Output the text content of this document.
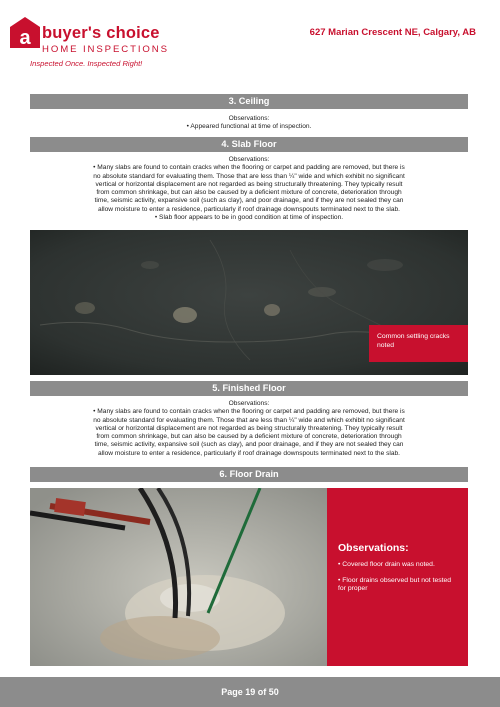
a buyer's choice
HOME INSPECTIONS
Inspected Once. Inspected Right!
627 Marian Crescent NE, Calgary, AB
3. Ceiling
Observations:
• Appeared functional at time of inspection.
4. Slab Floor
Observations:
• Many slabs are found to contain cracks when the flooring or carpet and padding are removed, but there is
no absolute standard for evaluating them. Those that are less than ¼" wide and which exhibit no significant
vertical or horizontal displacement are not regarded as being structurally threatening. They typically result
from common shrinkage, but can also be caused by a deficient mixture of concrete, deterioration through
time, seismic activity, expansive soil (such as clay), and poor drainage, and if they are not sealed they can
allow moisture to enter a residence, particularly if roof drainage downspouts terminated next to the slab.
• Slab floor appears to be in good condition at time of inspection.
Common settling cracks noted
5. Finished Floor
Observations:
• Many slabs are found to contain cracks when the flooring or carpet and padding are removed, but there is
no absolute standard for evaluating them. Those that are less than ¼" wide and which exhibit no significant
vertical or horizontal displacement are not regarded as being structurally threatening. They typically result
from common shrinkage, but can also be caused by a deficient mixture of concrete, deterioration through
time, seismic activity, expansive soil (such as clay), and poor drainage, and if they are not sealed they can
allow moisture to enter a residence, particularly if roof drainage downspouts terminated next to the slab.
6. Floor Drain
Observations:
• Covered floor drain was noted.
• Floor drains observed but not tested for proper
Page 19 of 50
